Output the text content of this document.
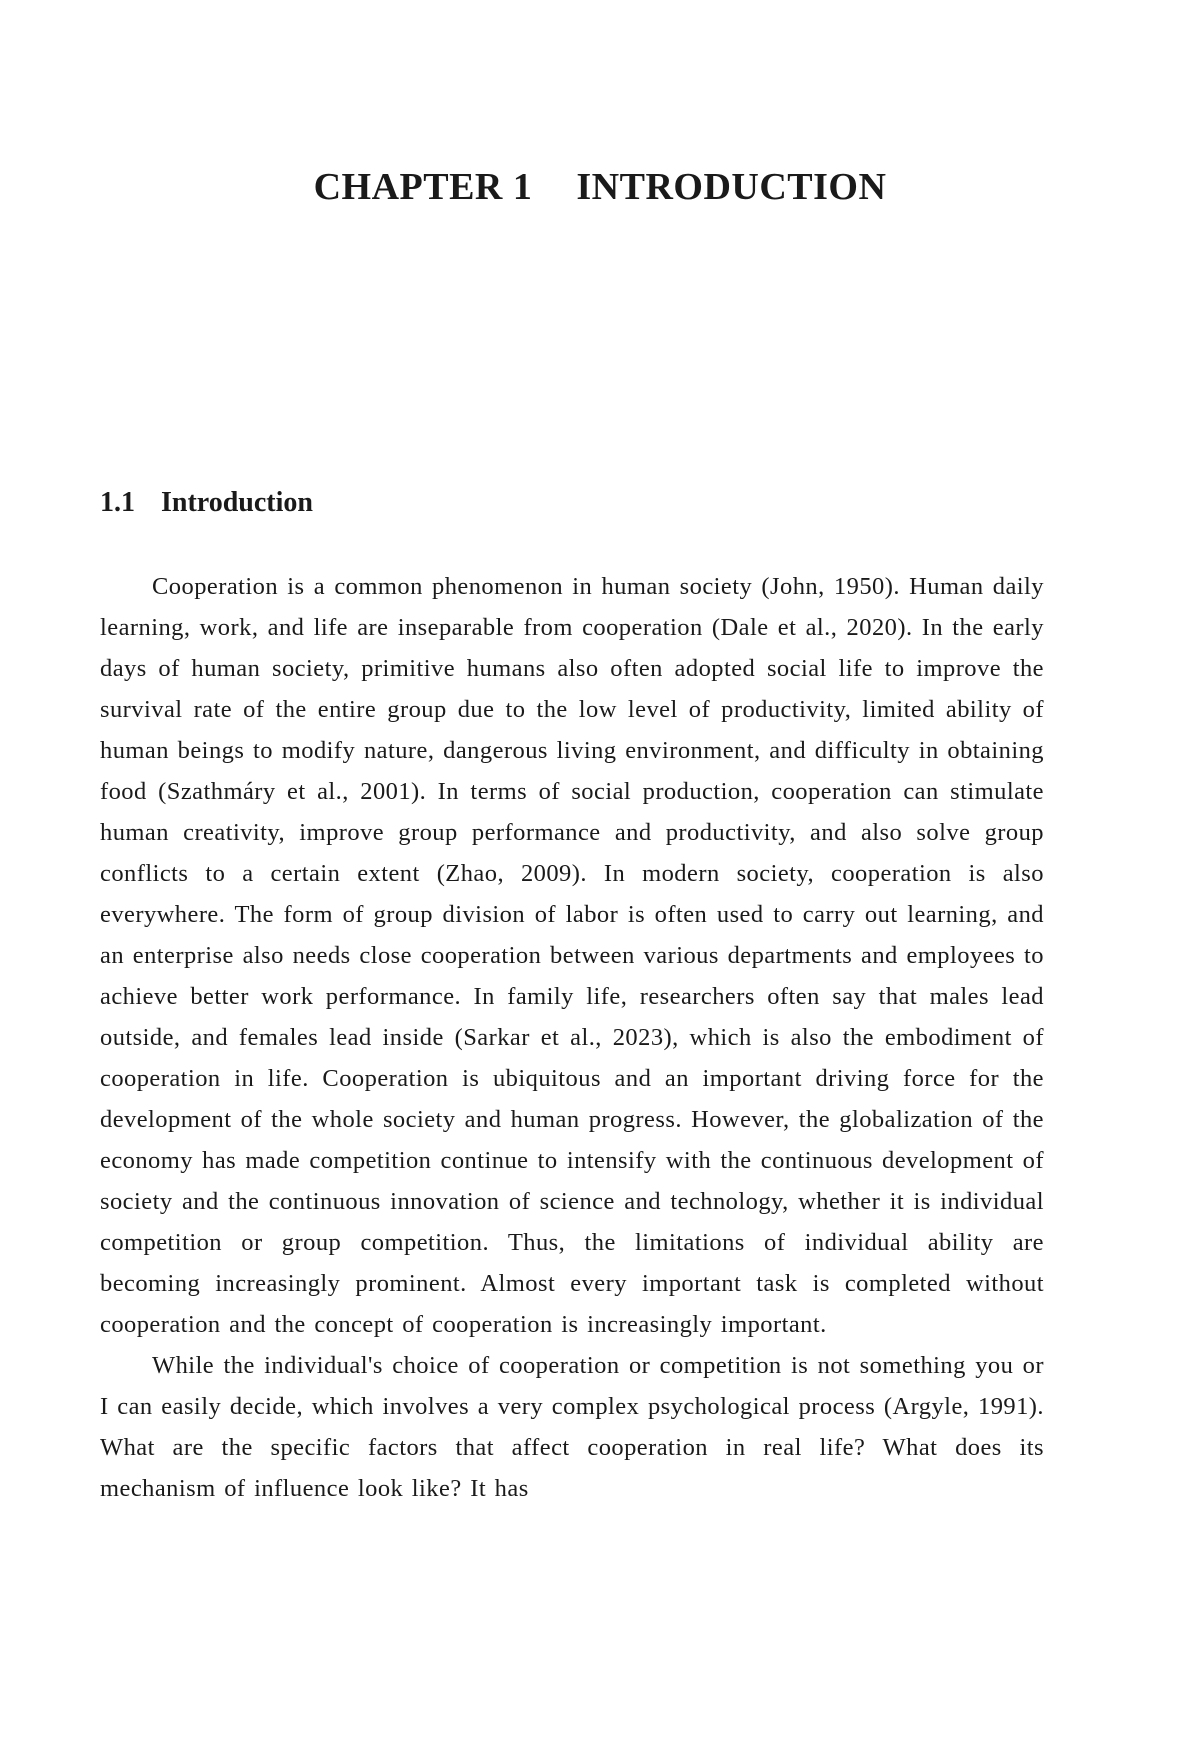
CHAPTER 1 INTRODUCTION
1.1 Introduction

Cooperation is a common phenomenon in human society (John, 1950). Human daily learning, work, and life are inseparable from cooperation (Dale et al., 2020). In the early days of human society, primitive humans also often adopted social life to improve the survival rate of the entire group due to the low level of productivity, limited ability of human beings to modify nature, dangerous living environment, and difficulty in obtaining food (Szathmáry et al., 2001). In terms of social production, cooperation can stimulate human creativity, improve group performance and productivity, and also solve group conflicts to a certain extent (Zhao, 2009). In modern society, cooperation is also everywhere. The form of group division of labor is often used to carry out learning, and an enterprise also needs close cooperation between various departments and employees to achieve better work performance. In family life, researchers often say that males lead outside, and females lead inside (Sarkar et al., 2023), which is also the embodiment of cooperation in life. Cooperation is ubiquitous and an important driving force for the development of the whole society and human progress. However, the globalization of the economy has made competition continue to intensify with the continuous development of society and the continuous innovation of science and technology, whether it is individual competition or group competition. Thus, the limitations of individual ability are becoming increasingly prominent. Almost every important task is completed without cooperation and the concept of cooperation is increasingly important.

While the individual's choice of cooperation or competition is not something you or I can easily decide, which involves a very complex psychological process (Argyle, 1991). What are the specific factors that affect cooperation in real life? What does its mechanism of influence look like? It has
